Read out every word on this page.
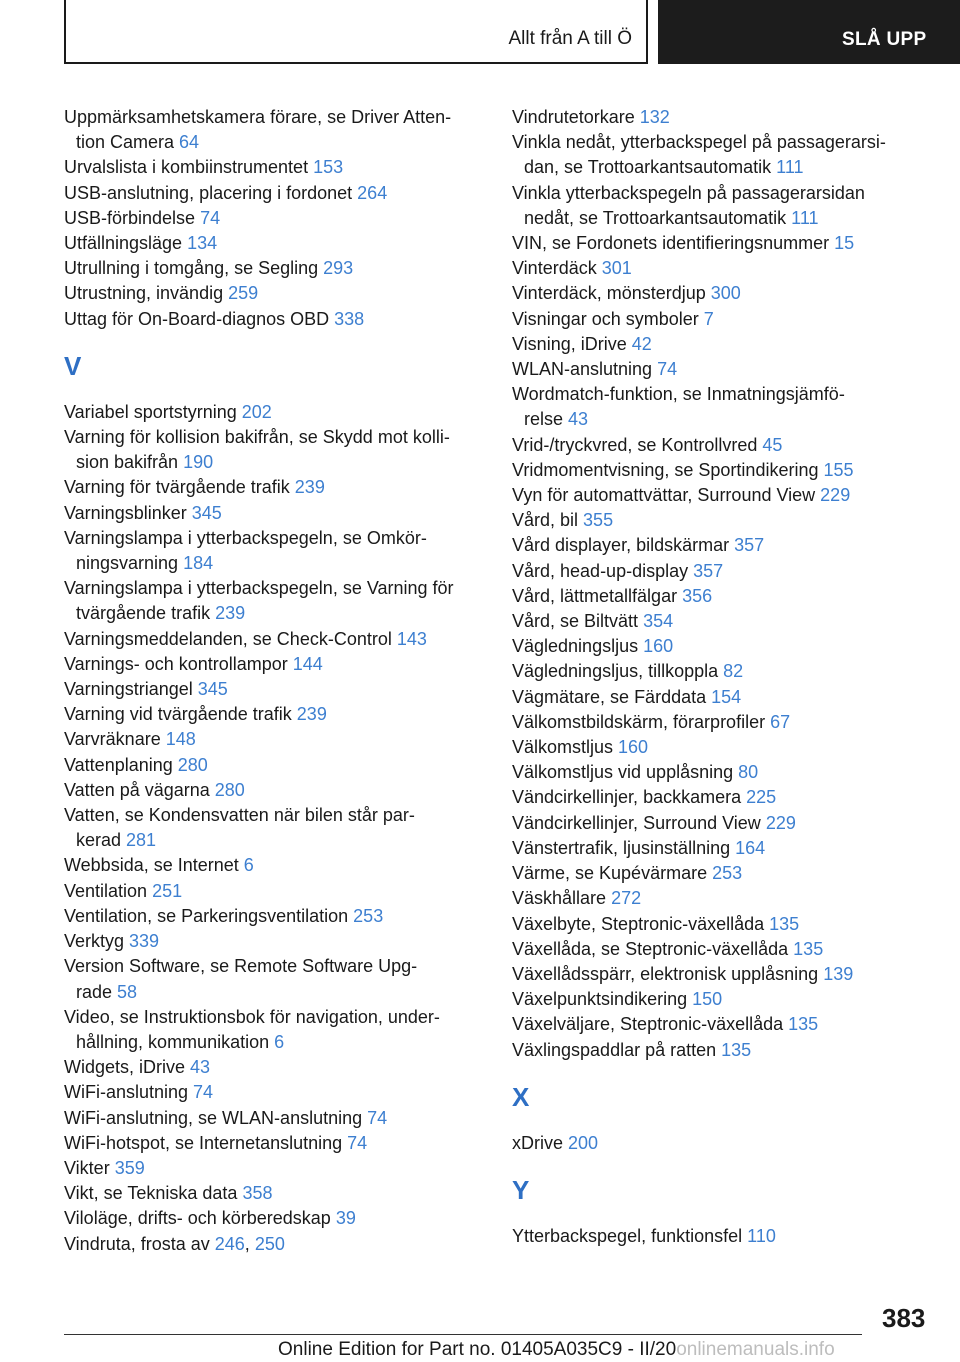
Allt från A till Ö	SLÅ UPP
Uppmärksamhetskamera förare, se Driver Atten-
tion Camera 64
Urvalslista i kombiinstrumentet 153
USB-anslutning, placering i fordonet 264
USB-förbindelse 74
Utfällningsläge 134
Utrullning i tomgång, se Segling 293
Utrustning, invändig 259
Uttag för On-Board-diagnos OBD 338
V
Variabel sportstyrning 202
Varning för kollision bakifrån, se Skydd mot kolli-
sion bakifrån 190
Varning för tvärgående trafik 239
Varningsblinker 345
Varningslampa i ytterbackspegeln, se Omkör-
ningsvarning 184
Varningslampa i ytterbackspegeln, se Varning för
tvärgående trafik 239
Varningsmeddelanden, se Check-Control 143
Varnings- och kontrollampor 144
Varningstriangel 345
Varning vid tvärgående trafik 239
Varvräknare 148
Vattenplaning 280
Vatten på vägarna 280
Vatten, se Kondensvatten när bilen står par-
kerad 281
Webbsida, se Internet 6
Ventilation 251
Ventilation, se Parkeringsventilation 253
Verktyg 339
Version Software, se Remote Software Upg-
rade 58
Video, se Instruktionsbok för navigation, under-
hållning, kommunikation 6
Widgets, iDrive 43
WiFi-anslutning 74
WiFi-anslutning, se WLAN-anslutning 74
WiFi-hotspot, se Internetanslutning 74
Vikter 359
Vikt, se Tekniska data 358
Viloläge, drifts- och körberedskap 39
Vindruta, frosta av 246, 250
Vindrutetorkare 132
Vinkla nedåt, ytterbackspegel på passagerarsi-
dan, se Trottoarkantsautomatik 111
Vinkla ytterbackspegeln på passagerarsidan
nedåt, se Trottoarkantsautomatik 111
VIN, se Fordonets identifieringsnummer 15
Vinterdäck 301
Vinterdäck, mönsterdjup 300
Visningar och symboler 7
Visning, iDrive 42
WLAN-anslutning 74
Wordmatch-funktion, se Inmatningsjämfö-
relse 43
Vrid-/tryckvred, se Kontrollvred 45
Vridmomentvisning, se Sportindikering 155
Vyn för automattvättar, Surround View 229
Vård, bil 355
Vård displayer, bildskärmar 357
Vård, head-up-display 357
Vård, lättmetallfälgar 356
Vård, se Biltvätt 354
Vägledningsljus 160
Vägledningsljus, tillkoppla 82
Vägmätare, se Färddata 154
Välkomstbildskärm, förarprofiler 67
Välkomstljus 160
Välkomstljus vid upplåsning 80
Vändcirkellinjer, backkamera 225
Vändcirkellinjer, Surround View 229
Vänstertrafik, ljusinställning 164
Värme, se Kupévärmare 253
Väskhållare 272
Växelbyte, Steptronic-växellåda 135
Växellåda, se Steptronic-växellåda 135
Växellådsspärr, elektronisk upplåsning 139
Växelpunktsindikering 150
Växelväljare, Steptronic-växellåda 135
Växlingspaddlar på ratten 135
X
xDrive 200
Y
Ytterbackspegel, funktionsfel 110
383
Online Edition for Part no. 01405A035C9 - II/20onlinemanuals.info
